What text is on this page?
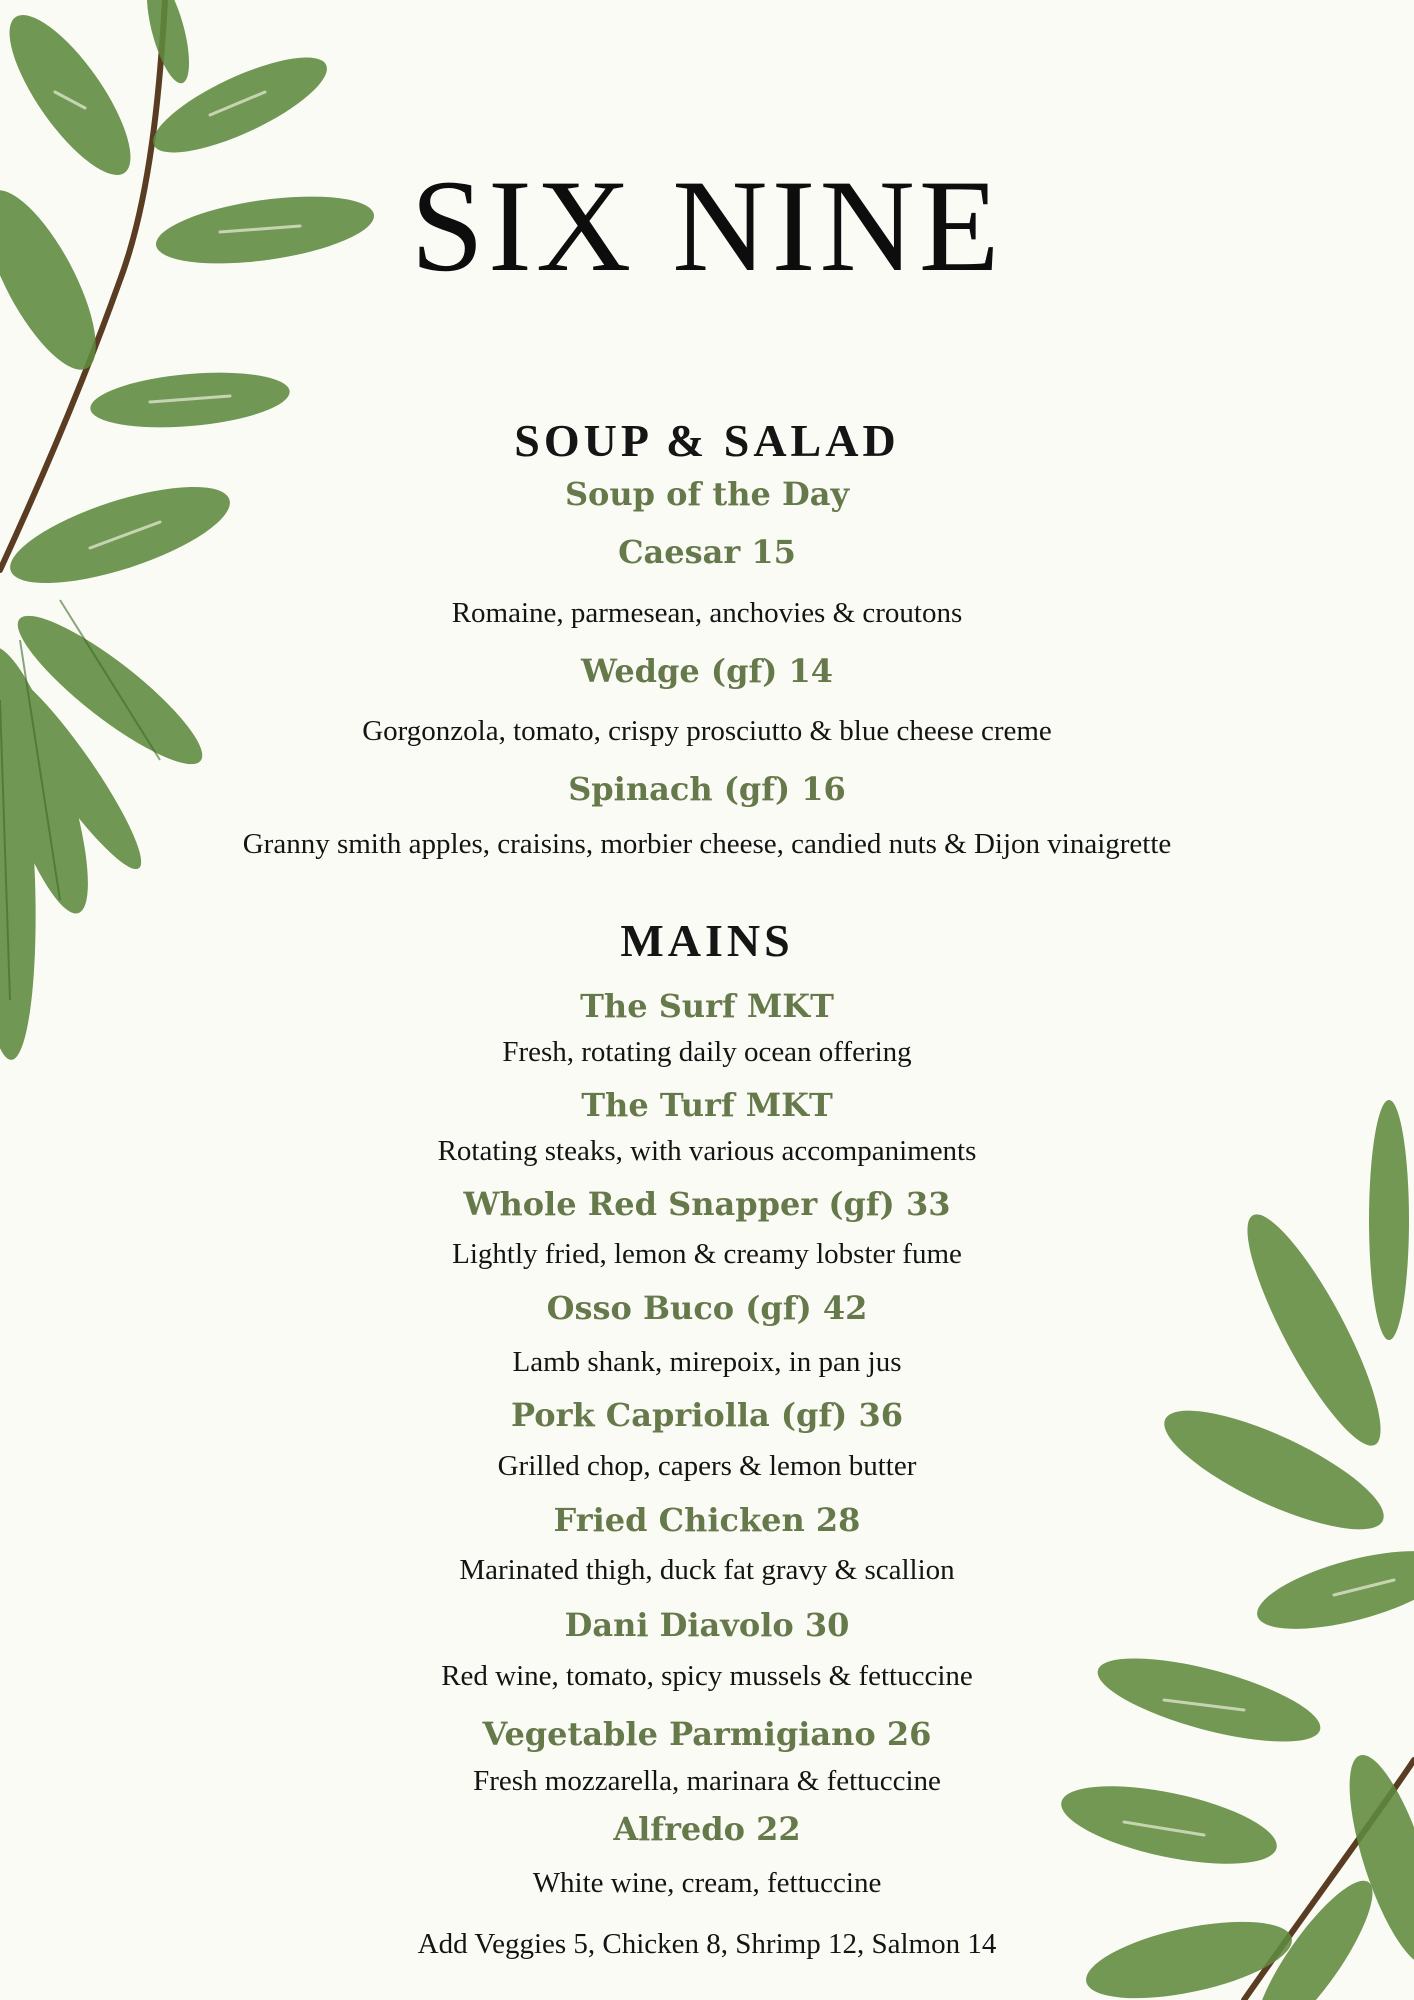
SIX NINE
SOUP & SALAD
Soup of the Day
Caesar 15
Romaine, parmesean, anchovies & croutons
Wedge (gf) 14
Gorgonzola, tomato, crispy prosciutto & blue cheese creme
Spinach (gf) 16
Granny smith apples, craisins, morbier cheese, candied nuts & Dijon vinaigrette
MAINS
The Surf MKT
Fresh, rotating daily ocean offering
The Turf MKT
Rotating steaks, with various accompaniments
Whole Red Snapper (gf) 33
Lightly fried, lemon & creamy lobster fume
Osso Buco (gf) 42
Lamb shank, mirepoix, in pan jus
Pork Capriolla (gf) 36
Grilled chop, capers & lemon butter
Fried Chicken 28
Marinated thigh, duck fat gravy & scallion
Dani Diavolo 30
Red wine, tomato, spicy mussels & fettuccine
Vegetable Parmigiano 26
Fresh mozzarella, marinara & fettuccine
Alfredo 22
White wine, cream, fettuccine
Add Veggies 5, Chicken 8, Shrimp 12, Salmon 14
